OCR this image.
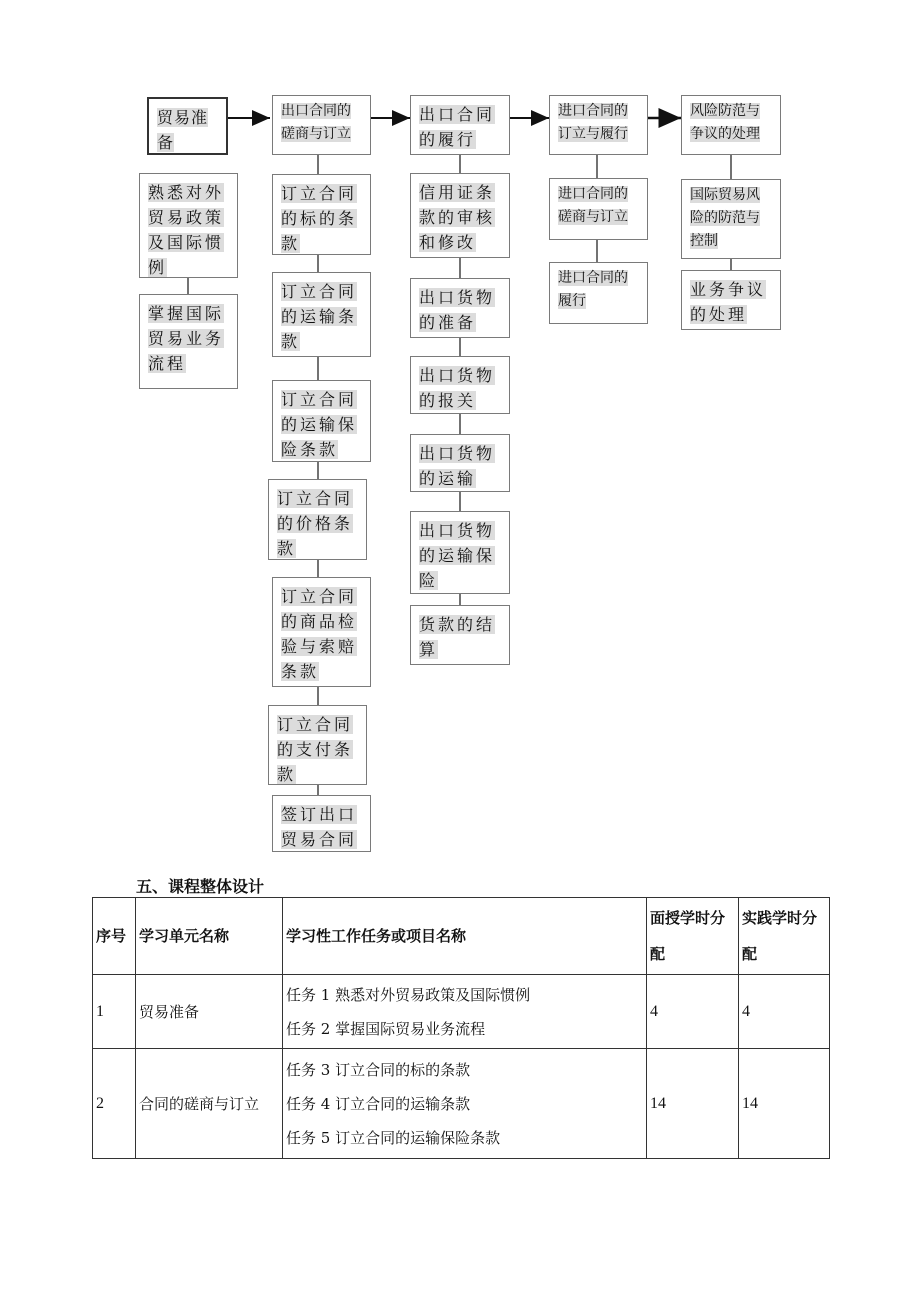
贸易准备
熟悉对外贸易政策及国际惯例
掌握国际贸易业务流程
出口合同的磋商与订立
订立合同的标的条款
订立合同的运输条款
订立合同的运输保险条款
订立合同的价格条款
订立合同的商品检验与索赔条款
订立合同的支付条款
签订出口贸易合同
出口合同的履行
信用证条款的审核和修改
出口货物的准备
出口货物的报关
出口货物的运输
出口货物的运输保险
货款的结算
进口合同的订立与履行
进口合同的磋商与订立
进口合同的履行
风险防范与争议的处理
国际贸易风险的防范与控制
业务争议的处理
五、课程整体设计
序号	学习单元名称	学习性工作任务或项目名称	面授学时分配	实践学时分配
1	贸易准备	任务 1 熟悉对外贸易政策及国际惯例
任务 2 掌握国际贸易业务流程	4	4
2	合同的磋商与订立	任务 3 订立合同的标的条款
任务 4 订立合同的运输条款
任务 5 订立合同的运输保险条款	14	14
